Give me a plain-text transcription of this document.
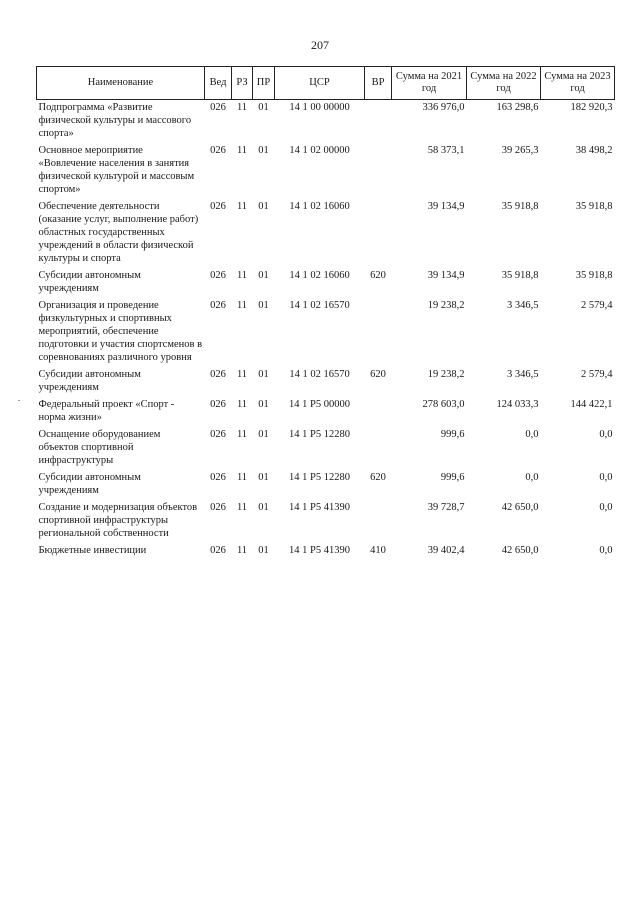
207
Наименование	Вед	РЗ	ПР	ЦСР	ВР	Сумма на 2021 год	Сумма на 2022 год	Сумма на 2023 год
Подпрограмма «Развитие физической культуры и массового спорта»	026	11	01	14 1 00 00000		336 976,0	163 298,6	182 920,3
Основное мероприятие «Вовлечение населения в занятия физической культурой и массовым спортом»	026	11	01	14 1 02 00000		58 373,1	39 265,3	38 498,2
Обеспечение деятельности (оказание услуг, выполнение работ) областных государственных учреждений в области физической культуры и спорта	026	11	01	14 1 02 16060		39 134,9	35 918,8	35 918,8
Субсидии автономным учреждениям	026	11	01	14 1 02 16060	620	39 134,9	35 918,8	35 918,8
Организация и проведение физкультурных и спортивных мероприятий, обеспечение подготовки и участия спортсменов в соревнованиях различного уровня	026	11	01	14 1 02 16570		19 238,2	3 346,5	2 579,4
Субсидии автономным учреждениям	026	11	01	14 1 02 16570	620	19 238,2	3 346,5	2 579,4
Федеральный проект «Спорт - норма жизни»	026	11	01	14 1 P5 00000		278 603,0	124 033,3	144 422,1
Оснащение оборудованием объектов спортивной инфраструктуры	026	11	01	14 1 P5 12280		999,6	0,0	0,0
Субсидии автономным учреждениям	026	11	01	14 1 P5 12280	620	999,6	0,0	0,0
Создание и модернизация объектов спортивной инфраструктуры региональной собственности	026	11	01	14 1 P5 41390		39 728,7	42 650,0	0,0
Бюджетные инвестиции	026	11	01	14 1 P5 41390	410	39 402,4	42 650,0	0,0
